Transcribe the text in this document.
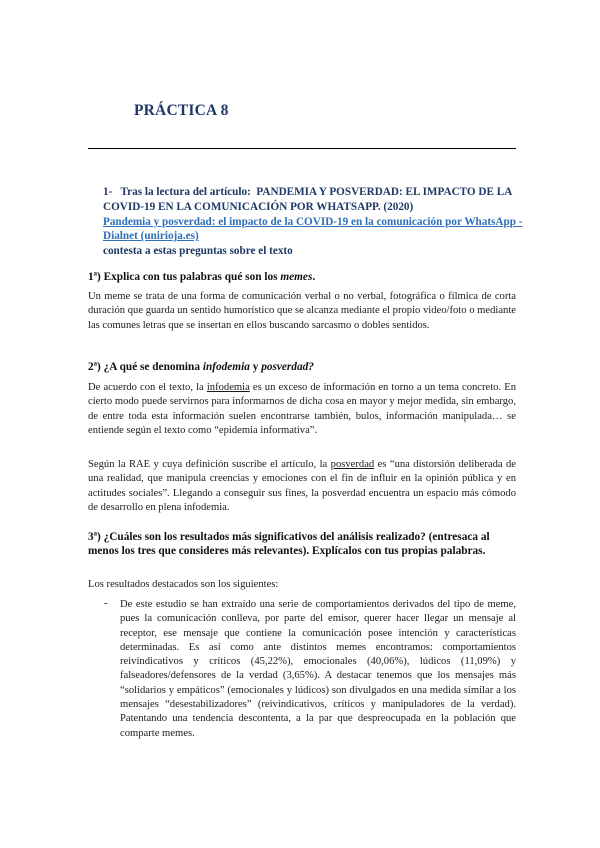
PRÁCTICA 8

1- Tras la lectura del artículo: PANDEMIA Y POSVERDAD: EL IMPACTO DE LA COVID-19 EN LA COMUNICACIÓN POR WHATSAPP. (2020)
Pandemia y posverdad: el impacto de la COVID-19 en la comunicación por WhatsApp - Dialnet (unirioja.es)
contesta a estas preguntas sobre el texto

1ª) Explica con tus palabras qué son los memes.

Un meme se trata de una forma de comunicación verbal o no verbal, fotográfica o fílmica de corta duración que guarda un sentido humorístico que se alcanza mediante el propio video/foto o mediante las comunes letras que se insertan en ellos buscando sarcasmo o dobles sentidos.

2ª) ¿A qué se denomina infodemia y posverdad?

De acuerdo con el texto, la infodemia es un exceso de información en torno a un tema concreto. En cierto modo puede servirnos para informarnos de dicha cosa en mayor y mejor medida, sin embargo, de entre toda esta información suelen encontrarse también, bulos, información manipulada… se entiende según el texto como “epidemia informativa”.

Según la RAE y cuya definición suscribe el artículo, la posverdad es “una distorsión deliberada de una realidad, que manipula creencias y emociones con el fin de influir en la opinión pública y en actitudes sociales”. Llegando a conseguir sus fines, la posverdad encuentra un espacio más cómodo de desarrollo en plena infodemia.

3ª) ¿Cuáles son los resultados más significativos del análisis realizado? (entresaca al menos los tres que consideres más relevantes). Explícalos con tus propias palabras.

Los resultados destacados son los siguientes:

-	De este estudio se han extraído una serie de comportamientos derivados del tipo de meme, pues la comunicación conlleva, por parte del emisor, querer hacer llegar un mensaje al receptor, ese mensaje que contiene la comunicación posee intención y características determinadas. Es así como ante distintos memes encontramos: comportamientos reivindicativos y críticos (45,22%), emocionales (40,06%), lúdicos (11,09%) y falseadores/defensores de la verdad (3,65%). A destacar tenemos que los mensajes más “solidarios y empáticos” (emocionales y lúdicos) son divulgados en una medida similar a los mensajes “desestabilizadores” (reivindicativos, críticos y manipuladores de la verdad). Patentando una tendencia descontenta, a la par que despreocupada en la población que comparte memes.
